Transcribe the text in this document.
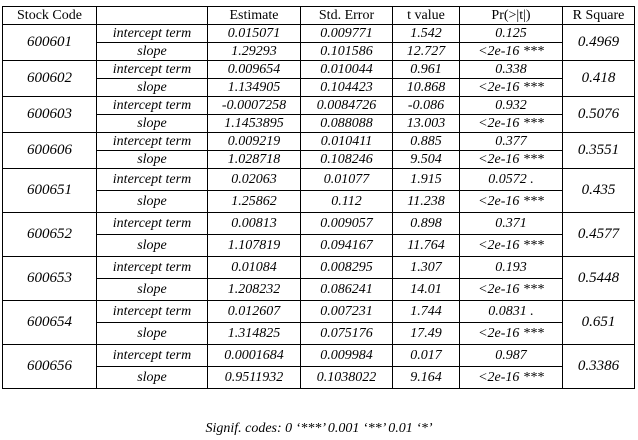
Stock Code		Estimate	Std. Error	t value	Pr(>|t|)	R Square
600601	intercept term	0.015071	0.009771	1.542	0.125	0.4969
	slope	1.29293	0.101586	12.727	<2e-16 ***	
600602	intercept term	0.009654	0.010044	0.961	0.338	0.418
	slope	1.134905	0.104423	10.868	<2e-16 ***	
600603	intercept term	-0.0007258	0.0084726	-0.086	0.932	0.5076
	slope	1.1453895	0.088088	13.003	<2e-16 ***	
600606	intercept term	0.009219	0.010411	0.885	0.377	0.3551
	slope	1.028718	0.108246	9.504	<2e-16 ***	
600651	intercept term	0.02063	0.01077	1.915	0.0572 .	0.435
	slope	1.25862	0.112	11.238	<2e-16 ***	
600652	intercept term	0.00813	0.009057	0.898	0.371	0.4577
	slope	1.107819	0.094167	11.764	<2e-16 ***	
600653	intercept term	0.01084	0.008295	1.307	0.193	0.5448
	slope	1.208232	0.086241	14.01	<2e-16 ***	
600654	intercept term	0.012607	0.007231	1.744	0.0831 .	0.651
	slope	1.314825	0.075176	17.49	<2e-16 ***	
600656	intercept term	0.0001684	0.009984	0.017	0.987	0.3386
	slope	0.9511932	0.1038022	9.164	<2e-16 ***	
Signif. codes: 0 ‘***’ 0.001 ‘**’ 0.01 ‘*’
